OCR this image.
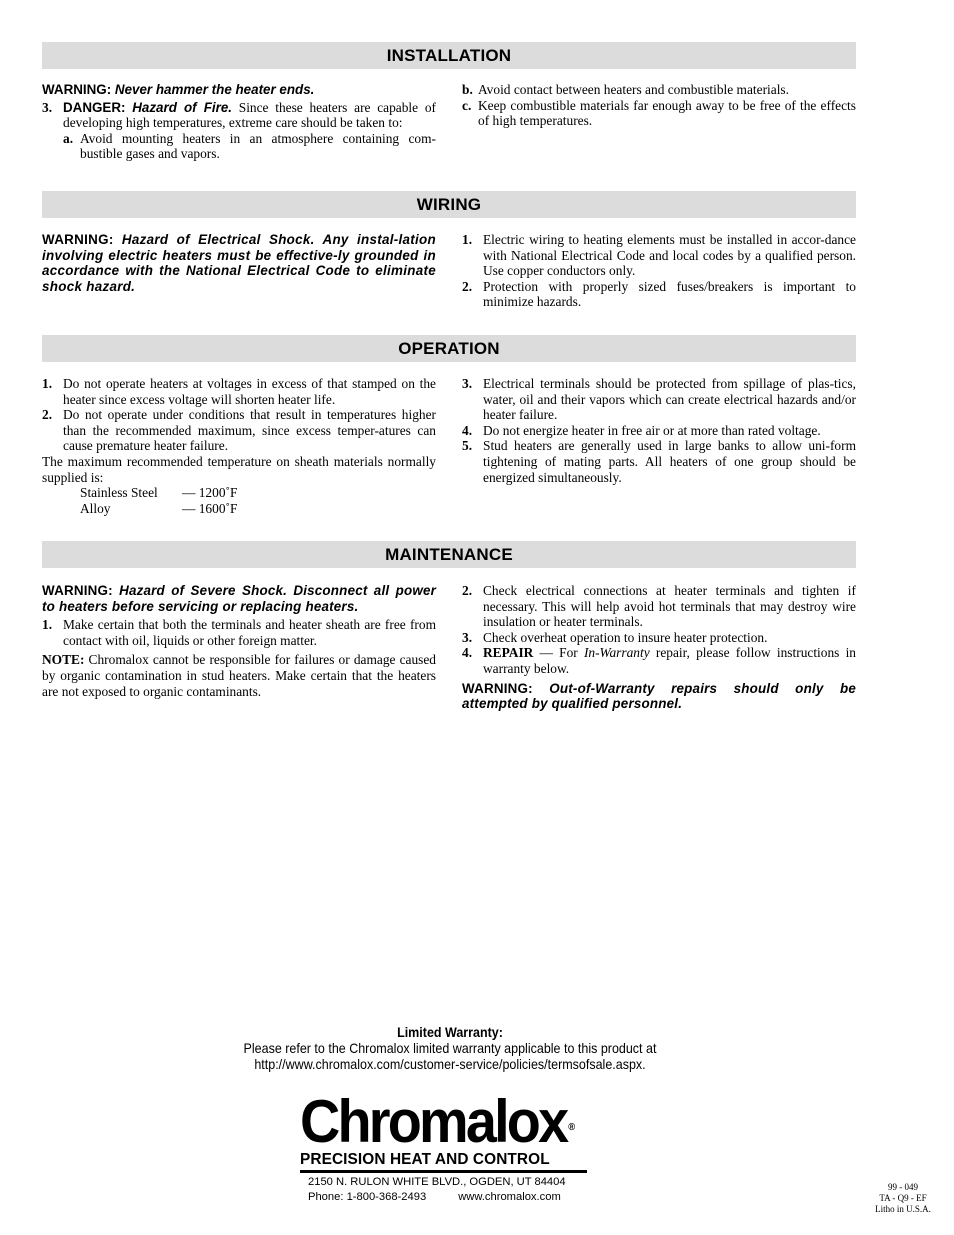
INSTALLATION

WARNING: Never hammer the heater ends.

3. DANGER: Hazard of Fire. Since these heaters are capable of developing high temperatures, extreme care should be taken to:

a. Avoid mounting heaters in an atmosphere containing com-bustible gases and vapors.

b. Avoid contact between heaters and combustible materials.

c. Keep combustible materials far enough away to be free of the effects of high temperatures.

WIRING

WARNING: Hazard of Electrical Shock. Any instal-lation involving electric heaters must be effective-ly grounded in accordance with the National Electrical Code to eliminate shock hazard.

1. Electric wiring to heating elements must be installed in accor-dance with National Electrical Code and local codes by a qualified person. Use copper conductors only.

2. Protection with properly sized fuses/breakers is important to minimize hazards.

OPERATION

1. Do not operate heaters at voltages in excess of that stamped on the heater since excess voltage will shorten heater life.

2. Do not operate under conditions that result in temperatures higher than the recommended maximum, since excess temper-atures can cause premature heater failure.

The maximum recommended temperature on sheath materials normally supplied is:

Stainless Steel	— 1200˚F
Alloy	— 1600˚F

3. Electrical terminals should be protected from spillage of plas-tics, water, oil and their vapors which can create electrical hazards and/or heater failure.

4. Do not energize heater in free air or at more than rated voltage.

5. Stud heaters are generally used in large banks to allow uni-form tightening of mating parts. All heaters of one group should be energized simultaneously.

MAINTENANCE

WARNING: Hazard of Severe Shock. Disconnect all power to heaters before servicing or replacing heaters.

1. Make certain that both the terminals and heater sheath are free from contact with oil, liquids or other foreign matter.

NOTE: Chromalox cannot be responsible for failures or damage caused by organic contamination in stud heaters. Make certain that the heaters are not exposed to organic contaminants.

2. Check electrical connections at heater terminals and tighten if necessary. This will help avoid hot terminals that may destroy wire insulation or heater terminals.

3. Check overheat operation to insure heater protection.

4. REPAIR — For In-Warranty repair, please follow instructions in warranty below.

WARNING: Out-of-Warranty repairs should only be attempted by qualified personnel.

Limited Warranty:
Please refer to the Chromalox limited warranty applicable to this product at
http://www.chromalox.com/customer-service/policies/termsofsale.aspx.
Chromalox ®
PRECISION HEAT AND CONTROL
2150 N. RULON WHITE BLVD., OGDEN, UT 84404
Phone: 1-800-368-2493	www.chromalox.com
99 - 049
TA - Q9 - EF
Litho in U.S.A.
